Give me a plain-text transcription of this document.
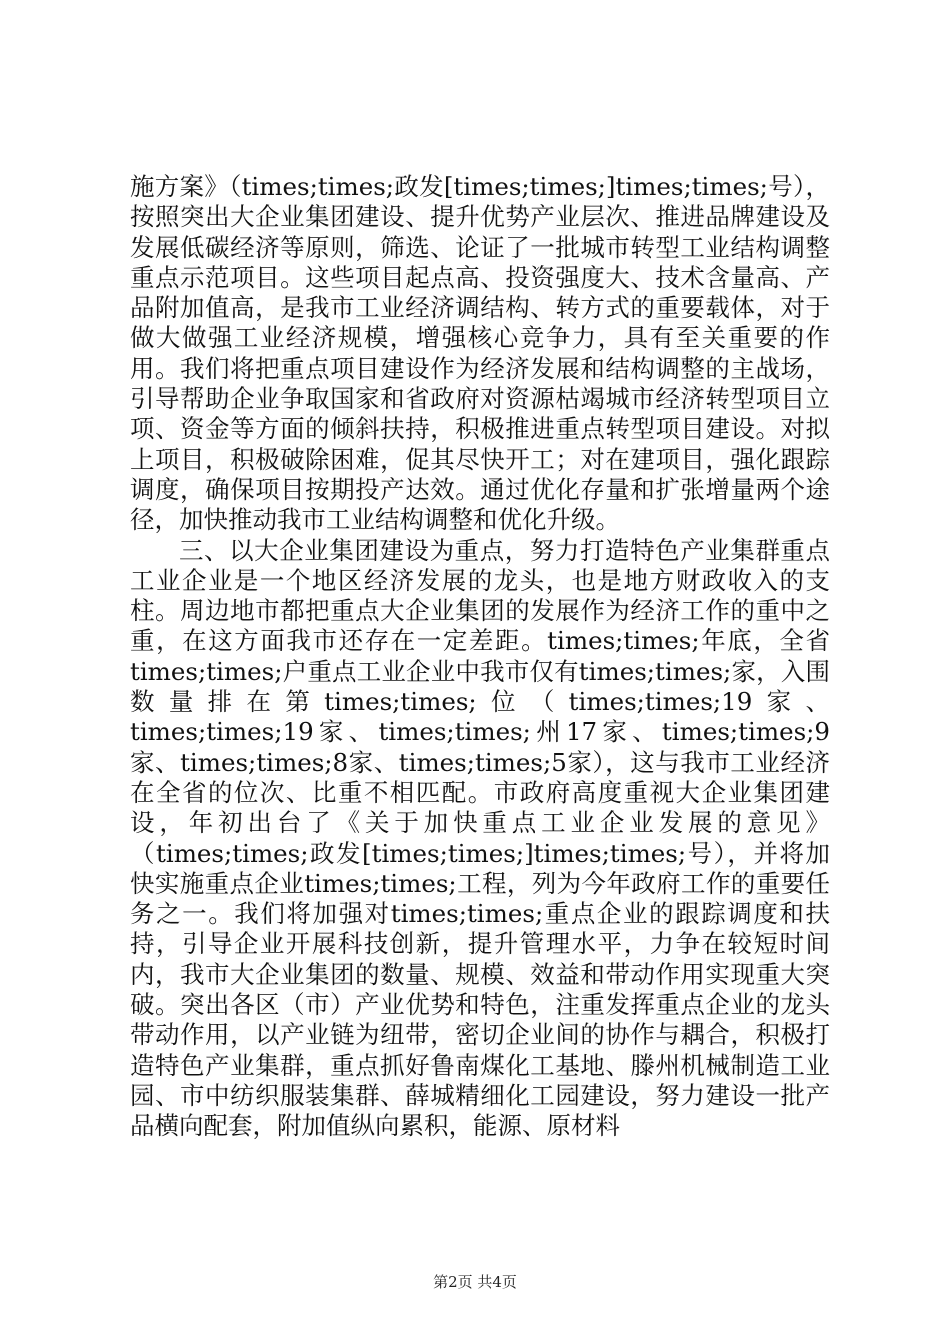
施方案》（times;times;政发[times;times;]times;times;号），按照突出大企业集团建设、提升优势产业层次、推进品牌建设及发展低碳经济等原则，筛选、论证了一批城市转型工业结构调整重点示范项目。这些项目起点高、投资强度大、技术含量高、产品附加值高，是我市工业经济调结构、转方式的重要载体，对于做大做强工业经济规模，增强核心竞争力，具有至关重要的作用。我们将把重点项目建设作为经济发展和结构调整的主战场，引导帮助企业争取国家和省政府对资源枯竭城市经济转型项目立项、资金等方面的倾斜扶持，积极推进重点转型项目建设。对拟上项目，积极破除困难，促其尽快开工；对在建项目，强化跟踪调度，确保项目按期投产达效。通过优化存量和扩张增量两个途径，加快推动我市工业结构调整和优化升级。

三、以大企业集团建设为重点，努力打造特色产业集群重点工业企业是一个地区经济发展的龙头，也是地方财政收入的支柱。周边地市都把重点大企业集团的发展作为经济工作的重中之重，在这方面我市还存在一定差距。times;times;年底，全省times;times;户重点工业企业中我市仅有times;times;家，入围数量排在第times;times;位（times;times;19家、times;times;19家、times;times;州17家、times;times;9家、times;times;8家、times;times;5家），这与我市工业经济在全省的位次、比重不相匹配。市政府高度重视大企业集团建设，年初出台了《关于加快重点工业企业发展的意见》（times;times;政发[times;times;]times;times;号），并将加快实施重点企业times;times;工程，列为今年政府工作的重要任务之一。我们将加强对times;times;重点企业的跟踪调度和扶持，引导企业开展科技创新，提升管理水平，力争在较短时间内，我市大企业集团的数量、规模、效益和带动作用实现重大突破。突出各区（市）产业优势和特色，注重发挥重点企业的龙头带动作用，以产业链为纽带，密切企业间的协作与耦合，积极打造特色产业集群，重点抓好鲁南煤化工基地、滕州机械制造工业园、市中纺织服装集群、薛城精细化工园建设，努力建设一批产品横向配套，附加值纵向累积，能源、原材料

第2页 共4页
